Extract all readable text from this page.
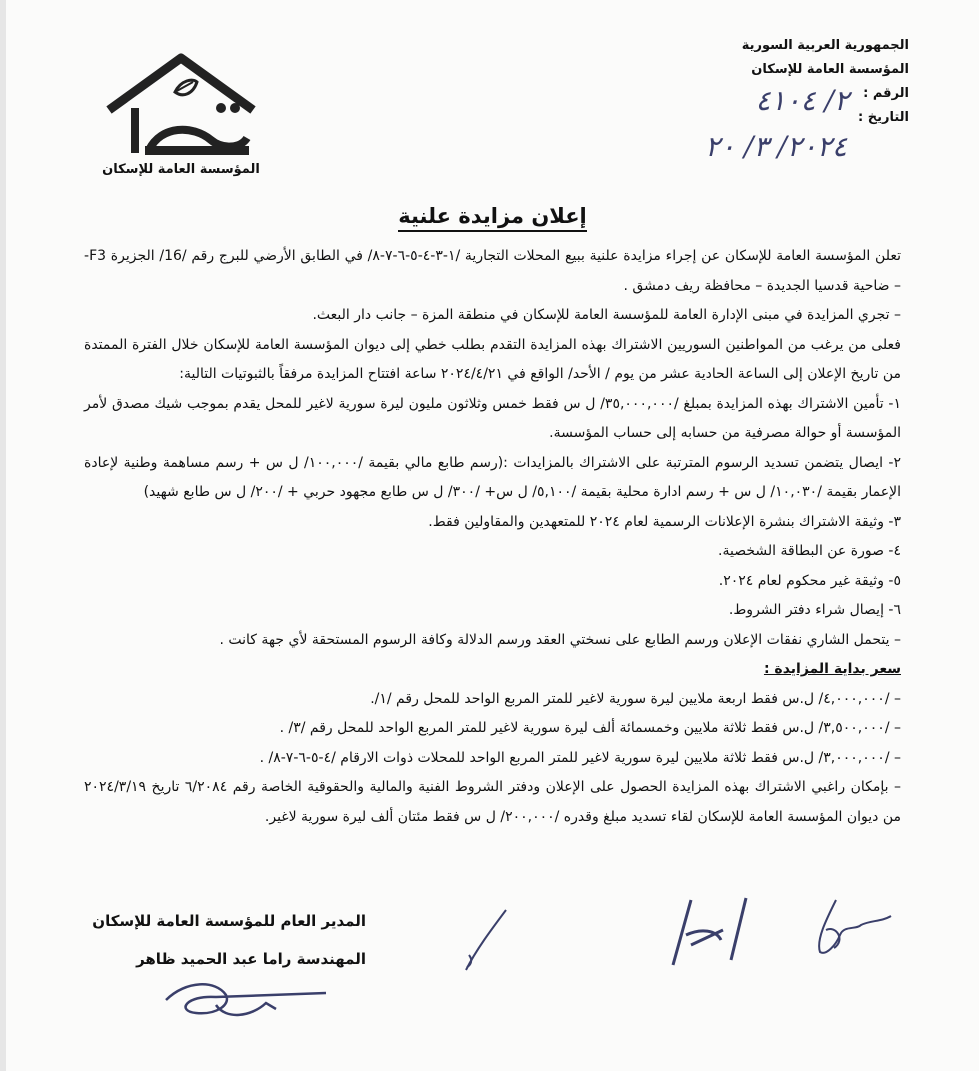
الجمهورية العربية السورية
المؤسسة العامة للإسكان
الرقم :
التاريخ :
٢/ ٤١٠٤
٢٠٢٤/ ٣/ ٢٠
المؤسسة العامة للإسكان
إعلان مزايدة علنية

تعلن المؤسسة العامة للإسكان عن إجراء مزايدة علنية ببيع المحلات التجارية /١-٣-٤-٥-٦-٧-٨/ في الطابق الأرضي للبرج رقم /16/ الجزيرة F3- – ضاحية قدسيا الجديدة – محافظة ريف دمشق .

– تجري المزايدة في مبنى الإدارة العامة للمؤسسة العامة للإسكان في منطقة المزة – جانب دار البعث.

فعلى من يرغب من المواطنين السوريين الاشتراك بهذه المزايدة التقدم بطلب خطي إلى ديوان المؤسسة العامة للإسكان خلال الفترة الممتدة من تاريخ الإعلان إلى الساعة الحادية عشر من يوم / الأحد/ الواقع في ٢٠٢٤/٤/٢١ ساعة افتتاح المزايدة مرفقاً بالثبوتيات التالية:

١- تأمين الاشتراك بهذه المزايدة بمبلغ /٣٥,٠٠٠,٠٠٠/ ل س فقط خمس وثلاثون مليون ليرة سورية لاغير للمحل يقدم بموجب شيك مصدق لأمر المؤسسة أو حوالة مصرفية من حسابه إلى حساب المؤسسة.

٢- ايصال يتضمن تسديد الرسوم المترتبة على الاشتراك بالمزايدات :(رسم طابع مالي بقيمة /١٠٠,٠٠٠/ ل س + رسم مساهمة وطنية لإعادة الإعمار بقيمة /١٠,٠٣٠/ ل س + رسم ادارة محلية بقيمة /٥,١٠٠/ ل س+ /٣٠٠/ ل س طابع مجهود حربي + /٢٠٠/ ل س طابع شهيد)

٣- وثيقة الاشتراك بنشرة الإعلانات الرسمية لعام ٢٠٢٤ للمتعهدين والمقاولين فقط.

٤- صورة عن البطاقة الشخصية.

٥- وثيقة غير محكوم لعام ٢٠٢٤.

٦- إيصال شراء دفتر الشروط.

– يتحمل الشاري نفقات الإعلان ورسم الطابع على نسختي العقد ورسم الدلالة وكافة الرسوم المستحقة لأي جهة كانت .

سعر بداية المزايدة :

– /٤,٠٠٠,٠٠٠/ ل.س فقط اربعة ملايين ليرة سورية لاغير للمتر المربع الواحد للمحل رقم /١/.

– /٣,٥٠٠,٠٠٠/ ل.س فقط ثلاثة ملايين وخمسمائة ألف ليرة سورية لاغير للمتر المربع الواحد للمحل رقم /٣/ .

– /٣,٠٠٠,٠٠٠/ ل.س فقط ثلاثة ملايين ليرة سورية لاغير للمتر المربع الواحد للمحلات ذوات الارقام /٤-٥-٦-٧-٨/ .

– بإمكان راغبي الاشتراك بهذه المزايدة الحصول على الإعلان ودفتر الشروط الفنية والمالية والحقوقية الخاصة رقم ٦/٢٠٨٤ تاريخ ٢٠٢٤/٣/١٩ من ديوان المؤسسة العامة للإسكان لقاء تسديد مبلغ وقدره /٢٠٠,٠٠٠/ ل س فقط مئتان ألف ليرة سورية لاغير.

المدير العام للمؤسسة العامة للإسكان
المهندسة راما عبد الحميد ظاهر
